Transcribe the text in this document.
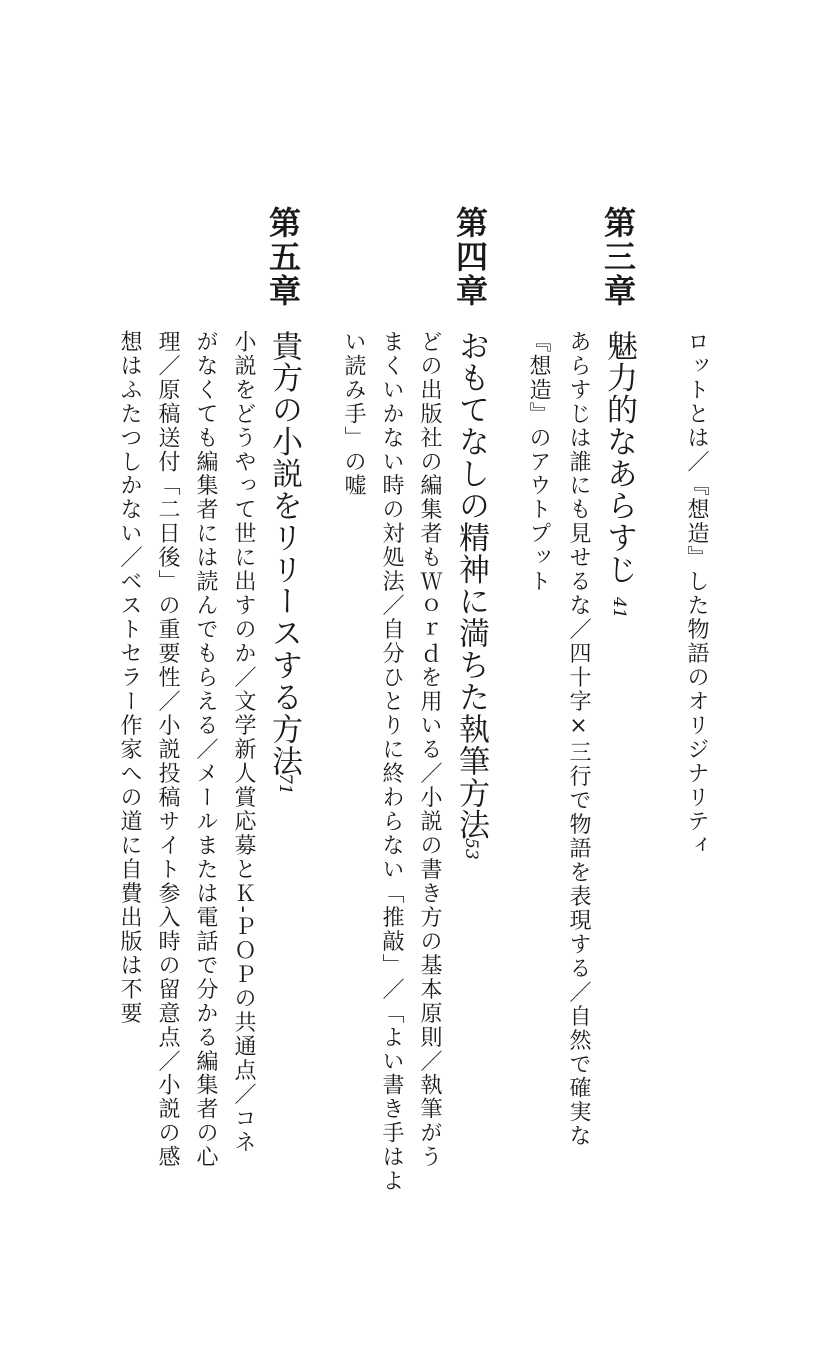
ロットとは／『想造』した物語のオリジナリティ
第三章
魅力的なあらすじ
41
あらすじは誰にも見せるな／四十字×三行で物語を表現する／自然で確実な
『想造』のアウトプット
第四章
おもてなしの精神に満ちた執筆方法
53
どの出版社の編集者もＷｏｒｄを用いる／小説の書き方の基本原則／執筆がう
まくいかない時の対処法／自分ひとりに終わらない「推敲」／「よい書き手はよ
い読み手」の嘘
第五章
貴方の小説をリリースする方法
71
小説をどうやって世に出すのか／文学新人賞応募とＫ‐ＰＯＰの共通点／コネ
がなくても編集者には読んでもらえる／メールまたは電話で分かる編集者の心
理／原稿送付「二日後」の重要性／小説投稿サイト参入時の留意点／小説の感
想はふたつしかない／ベストセラー作家への道に自費出版は不要
